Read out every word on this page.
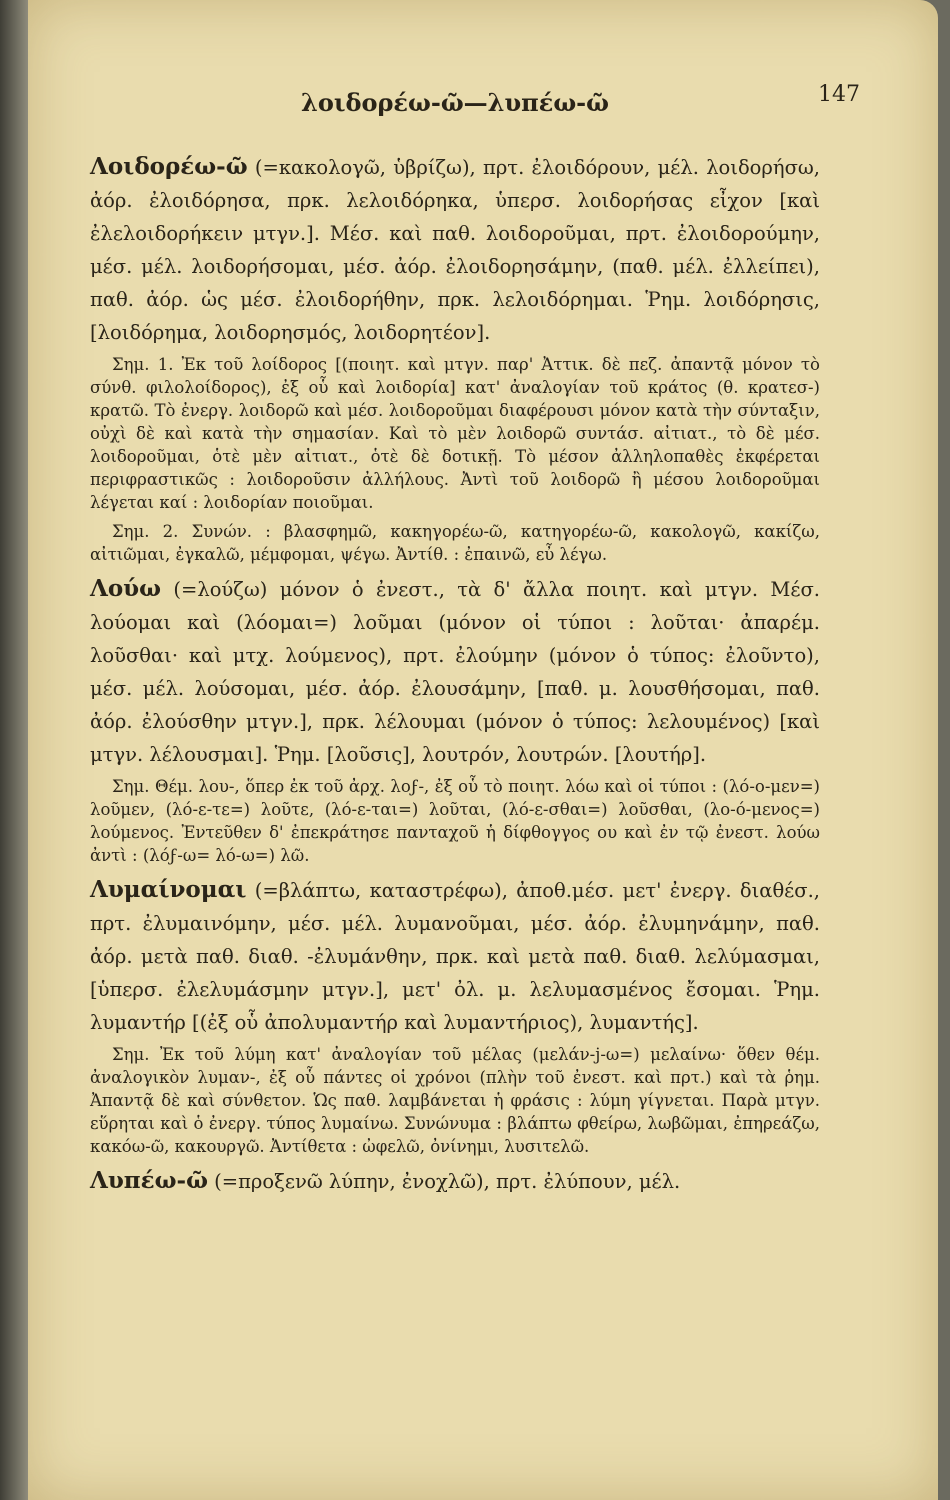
λοιδορέω-ῶ—λυπέω-ῶ	147

Λοιδορέω-ῶ (=κακολογῶ, ὑβρίζω), πρτ. ἐλοιδόρουν, μέλ. λοιδορήσω, ἀόρ. ἐλοιδόρησα, πρκ. λελοιδόρηκα, ὑπερσ. λοιδορήσας εἶχον [καὶ ἐλελοιδορήκειν μτγν.]. Μέσ. καὶ παθ. λοιδοροῦμαι, πρτ. ἐλοιδορούμην, μέσ. μέλ. λοιδορήσομαι, μέσ. ἀόρ. ἐλοιδορησάμην, (παθ. μέλ. ἐλλείπει), παθ. ἀόρ. ὡς μέσ. ἐλοιδορήθην, πρκ. λελοιδόρημαι. Ῥημ. λοιδόρησις, [λοιδόρημα, λοιδορησμός, λοιδορητέον].

Σημ. 1. Ἐκ τοῦ λοίδορος [(ποιητ. καὶ μτγν. παρ' Ἀττικ. δὲ πεζ. ἀπαντᾷ μόνον τὸ σύνθ. φιλολοίδορος), ἐξ οὗ καὶ λοιδορία] κατ' ἀναλογίαν τοῦ κράτος (θ. κρατεσ-) κρατῶ. Τὸ ἐνεργ. λοιδορῶ καὶ μέσ. λοιδοροῦμαι διαφέρουσι μόνον κατὰ τὴν σύνταξιν, οὐχὶ δὲ καὶ κατὰ τὴν σημασίαν. Καὶ τὸ μὲν λοιδορῶ συντάσ. αἰτιατ., τὸ δὲ μέσ. λοιδοροῦμαι, ὁτὲ μὲν αἰτιατ., ὁτὲ δὲ δοτικῇ. Τὸ μέσον ἀλληλοπαθὲς ἐκφέρεται περιφραστικῶς : λοιδοροῦσιν ἀλλήλους. Ἀντὶ τοῦ λοιδορῶ ἢ μέσου λοιδοροῦμαι λέγεται καί : λοιδορίαν ποιοῦμαι.

Σημ. 2. Συνών. : βλασφημῶ, κακηγορέω-ῶ, κατηγορέω-ῶ, κακολογῶ, κακίζω, αἰτιῶμαι, ἐγκαλῶ, μέμφομαι, ψέγω. Ἀντίθ. : ἐπαινῶ, εὖ λέγω.

Λούω (=λούζω) μόνον ὁ ἐνεστ., τὰ δ' ἄλλα ποιητ. καὶ μτγν. Μέσ. λούομαι καὶ (λόομαι=) λοῦμαι (μόνον οἱ τύποι : λοῦται· ἀπαρέμ. λοῦσθαι· καὶ μτχ. λούμενος), πρτ. ἐλούμην (μόνον ὁ τύπος: ἐλοῦντο), μέσ. μέλ. λούσομαι, μέσ. ἀόρ. ἐλουσάμην, [παθ. μ. λουσθήσομαι, παθ. ἀόρ. ἐλούσθην μτγν.], πρκ. λέλουμαι (μόνον ὁ τύπος: λελουμένος) [καὶ μτγν. λέλουσμαι]. Ῥημ. [λοῦσις], λουτρόν, λουτρών. [λουτήρ].

Σημ. Θέμ. λου-, ὅπερ ἐκ τοῦ ἀρχ. λοϝ-, ἐξ οὗ τὸ ποιητ. λόω καὶ οἱ τύποι : (λό-ο-μεν=) λοῦμεν, (λό-ε-τε=) λοῦτε, (λό-ε-ται=) λοῦται, (λό-ε-σθαι=) λοῦσθαι, (λο-ό-μενος=) λούμενος. Ἐντεῦθεν δ' ἐπεκράτησε πανταχοῦ ἡ δίφθογγος ου καὶ ἐν τῷ ἐνεστ. λούω ἀντὶ : (λόϝ-ω= λό-ω=) λῶ.

Λυμαίνομαι (=βλάπτω, καταστρέφω), ἀποθ.μέσ. μετ' ἐνεργ. διαθέσ., πρτ. ἐλυμαινόμην, μέσ. μέλ. λυμανοῦμαι, μέσ. ἀόρ. ἐλυμηνάμην, παθ. ἀόρ. μετὰ παθ. διαθ. -ἐλυμάνθην, πρκ. καὶ μετὰ παθ. διαθ. λελύμασμαι, [ὑπερσ. ἐλελυμάσμην μτγν.], μετ' ὀλ. μ. λελυμασμένος ἔσομαι. Ῥημ. λυμαντήρ [(ἐξ οὗ ἀπολυμαντήρ καὶ λυμαντήριος), λυμαντής].

Σημ. Ἐκ τοῦ λύμη κατ' ἀναλογίαν τοῦ μέλας (μελάν-j-ω=) μελαίνω· ὅθεν θέμ. ἀναλογικὸν λυμαν-, ἐξ οὗ πάντες οἱ χρόνοι (πλὴν τοῦ ἐνεστ. καὶ πρτ.) καὶ τὰ ῥημ. Ἀπαντᾷ δὲ καὶ σύνθετον. Ὡς παθ. λαμβάνεται ἡ φράσις : λύμη γίγνεται. Παρὰ μτγν. εὕρηται καὶ ὁ ἐνεργ. τύπος λυμαίνω. Συνώνυμα : βλάπτω φθείρω, λωβῶμαι, ἐπηρεάζω, κακόω-ῶ, κακουργῶ. Ἀντίθετα : ὠφελῶ, ὀνίνημι, λυσιτελῶ.

Λυπέω-ῶ (=προξενῶ λύπην, ἐνοχλῶ), πρτ. ἐλύπουν, μέλ.
